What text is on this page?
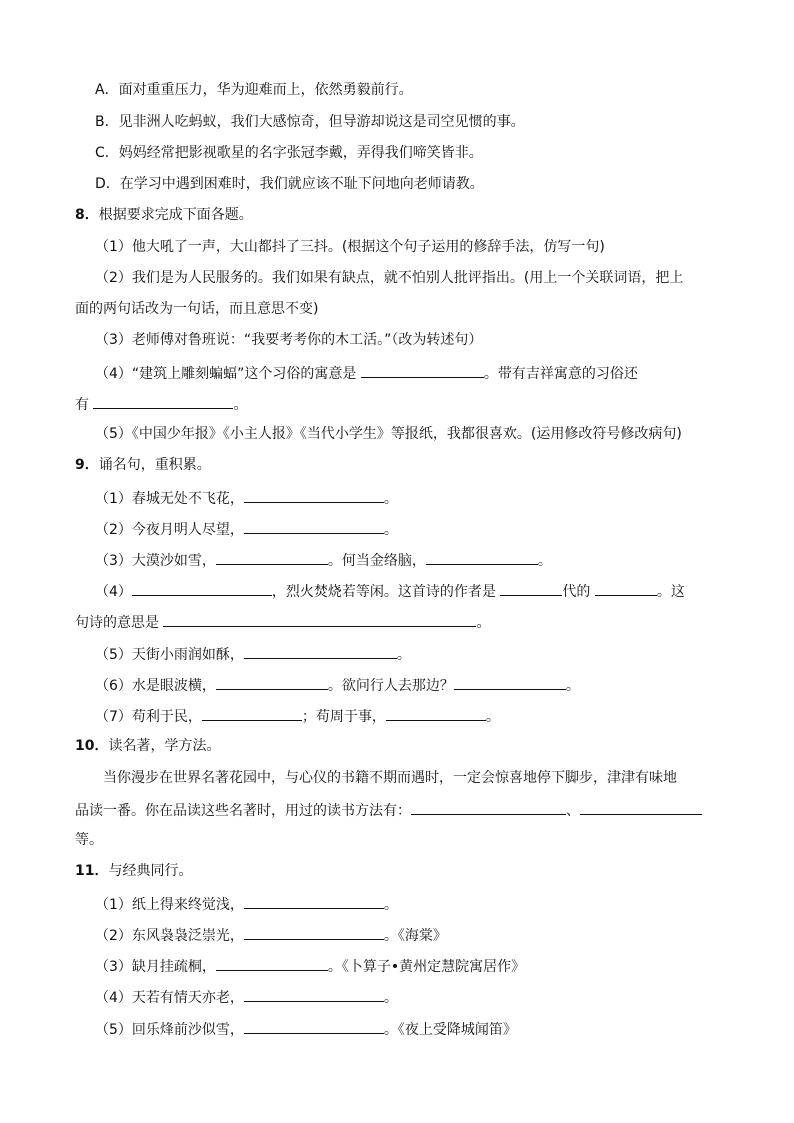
A．面对重重压力，华为迎难而上，依然勇毅前行。
B．见非洲人吃蚂蚁，我们大感惊奇，但导游却说这是司空见惯的事。
C．妈妈经常把影视歌星的名字张冠李戴，弄得我们啼笑皆非。
D．在学习中遇到困难时，我们就应该不耻下问地向老师请教。
8．根据要求完成下面各题。
（1）他大吼了一声，大山都抖了三抖。(根据这个句子运用的修辞手法，仿写一句)
（2）我们是为人民服务的。我们如果有缺点，就不怕别人批评指出。(用上一个关联词语，把上
面的两句话改为一句话，而且意思不变)
（3）老师傅对鲁班说：“我要考考你的木工活。”（改为转述句）
（4）“建筑上雕刻蝙蝠”这个习俗的寓意是	。带有吉祥寓意的习俗还
有	。
（5）《中国少年报》《小主人报》《当代小学生》等报纸，我都很喜欢。(运用修改符号修改病句)
9．诵名句，重积累。
（1）春城无处不飞花，	。
（2）今夜月明人尽望，	。
（3）大漠沙如雪，	。何当金络脑，	。
（4）	，烈火焚烧若等闲。这首诗的作者是	代的	。这
句诗的意思是	。
（5）天街小雨润如酥，	。
（6）水是眼波横，	。欲问行人去那边？	。
（7）苟利于民，	；苟周于事，	。
10．读名著，学方法。
当你漫步在世界名著花园中，与心仪的书籍不期而遇时，一定会惊喜地停下脚步，津津有味地
品读一番。你在品读这些名著时，用过的读书方法有：	、
等。
11．与经典同行。
（1）纸上得来终觉浅，	。
（2）东风袅袅泛崇光，	。《海棠》
（3）缺月挂疏桐，	。《卜算子•黄州定慧院寓居作》
（4）天若有情天亦老，	。
（5）回乐烽前沙似雪，	。《夜上受降城闻笛》
